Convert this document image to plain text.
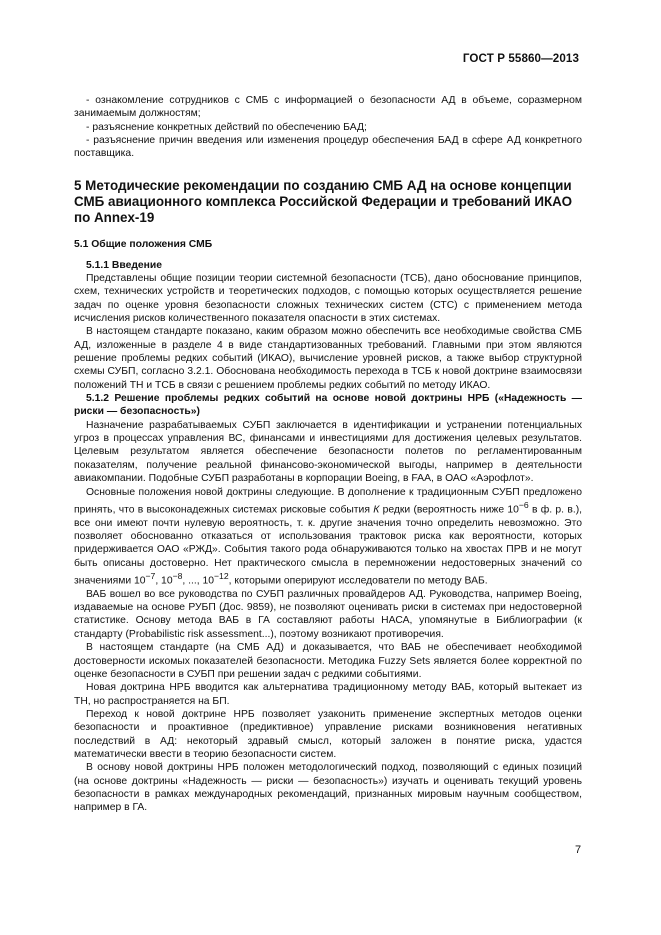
ГОСТ Р 55860—2013

- ознакомление сотрудников с СМБ с информацией о безопасности АД в объеме, соразмерном занимаемым должностям;

- разъяснение конкретных действий по обеспечению БАД;

- разъяснение причин введения или изменения процедур обеспечения БАД в сфере АД конкретного поставщика.

5 Методические рекомендации по созданию СМБ АД на основе концепции СМБ авиационного комплекса Российской Федерации и требований ИКАО по Annex-19

5.1 Общие положения СМБ

5.1.1 Введение

Представлены общие позиции теории системной безопасности (ТСБ), дано обоснование принципов, схем, технических устройств и теоретических подходов, с помощью которых осуществляется решение задач по оценке уровня безопасности сложных технических систем (СТС) с применением метода исчисления рисков количественного показателя опасности в этих системах.

В настоящем стандарте показано, каким образом можно обеспечить все необходимые свойства СМБ АД, изложенные в разделе 4 в виде стандартизованных требований. Главными при этом являются решение проблемы редких событий (ИКАО), вычисление уровней рисков, а также выбор структурной схемы СУБП, согласно 3.2.1. Обоснована необходимость перехода в ТСБ к новой доктрине взаимосвязи положений ТН и ТСБ в связи с решением проблемы редких событий по методу ИКАО.

5.1.2 Решение проблемы редких событий на основе новой доктрины НРБ («Надежность — риски — безопасность»)

Назначение разрабатываемых СУБП заключается в идентификации и устранении потенциальных угроз в процессах управления ВС, финансами и инвестициями для достижения целевых результатов. Целевым результатом является обеспечение безопасности полетов по регламентированным показателям, получение реальной финансово-экономической выгоды, например в деятельности авиакомпании. Подобные СУБП разработаны в корпорации Boeing, в FAA, в ОАО «Аэрофлот».

Основные положения новой доктрины следующие. В дополнение к традиционным СУБП предложено принять, что в высоконадежных системах рисковые события К редки (вероятность ниже $10^{-6}$ в ф. р. в.), все они имеют почти нулевую вероятность, т. к. другие значения точно определить невозможно. Это позволяет обоснованно отказаться от использования трактовок риска как вероятности, которых придерживается ОАО «РЖД». События такого рода обнаруживаются только на хвостах ПРВ и не могут быть описаны достоверно. Нет практического смысла в перемножении недостоверных значений со значениями $10^{-7}$, $10^{-8}$, ..., $10^{-12}$, которыми оперируют исследователи по методу ВАБ.

ВАБ вошел во все руководства по СУБП различных провайдеров АД. Руководства, например Boeing, издаваемые на основе РУБП (Доc. 9859), не позволяют оценивать риски в системах при недостоверной статистике. Основу метода ВАБ в ГА составляют работы НАСА, упомянутые в Библиографии (к стандарту (Probabilistic risk assessment...), поэтому возникают противоречия.

В настоящем стандарте (на СМБ АД) и доказывается, что ВАБ не обеспечивает необходимой достоверности искомых показателей безопасности. Методика Fuzzy Sets является более корректной по оценке безопасности в СУБП при решении задач с редкими событиями.

Новая доктрина НРБ вводится как альтернатива традиционному методу ВАБ, который вытекает из ТН, но распространяется на БП.

Переход к новой доктрине НРБ позволяет узаконить применение экспертных методов оценки безопасности и проактивное (предиктивное) управление рисками возникновения негативных последствий в АД: некоторый здравый смысл, который заложен в понятие риска, удастся математически ввести в теорию безопасности систем.

В основу новой доктрины НРБ положен методологический подход, позволяющий с единых позиций (на основе доктрины «Надежность — риски — безопасность») изучать и оценивать текущий уровень безопасности в рамках международных рекомендаций, признанных мировым научным сообществом, например в ГА.

7
